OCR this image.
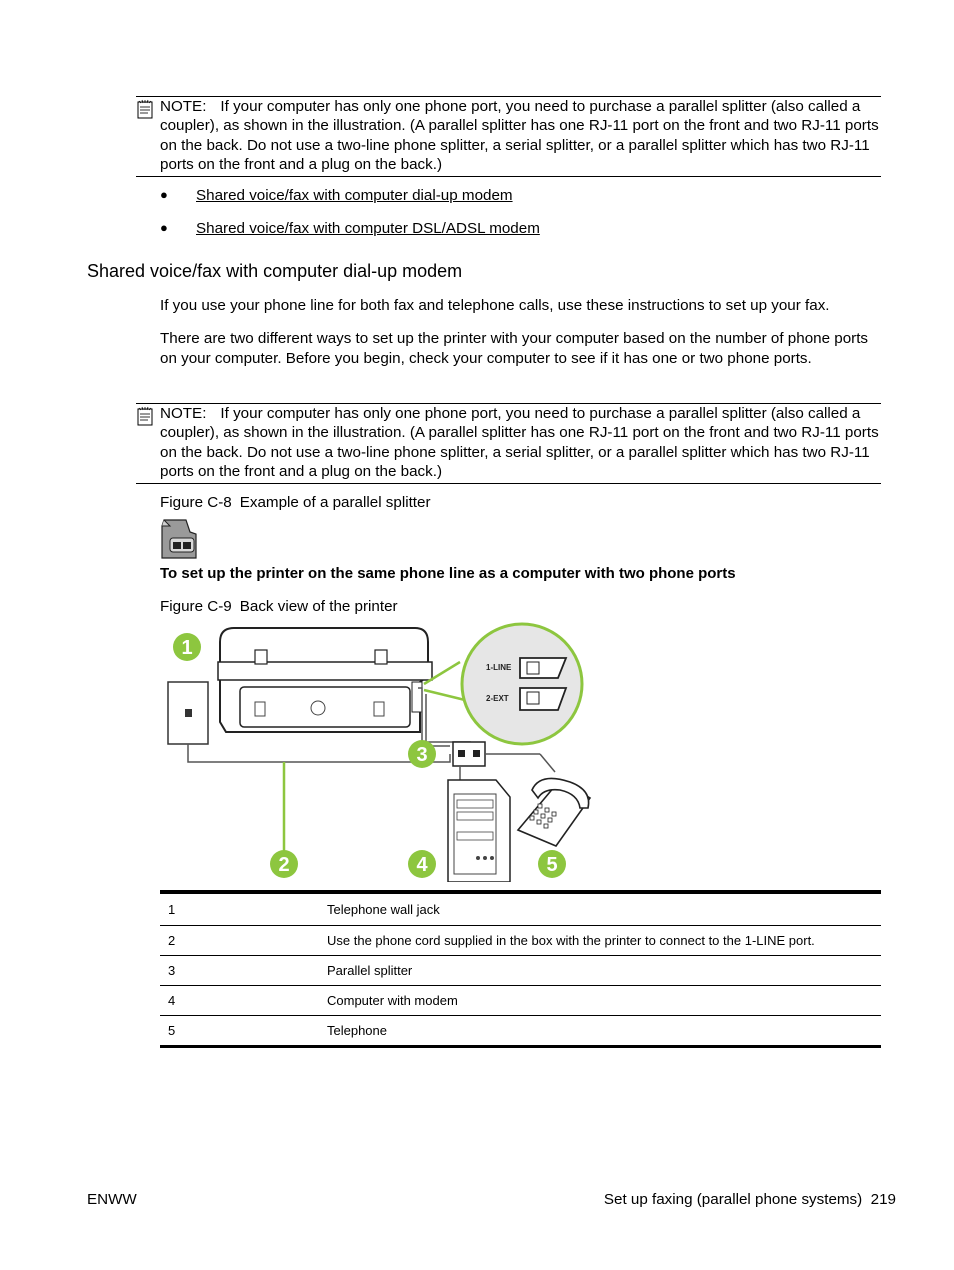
NOTE: If your computer has only one phone port, you need to purchase a parallel splitter (also called a coupler), as shown in the illustration. (A parallel splitter has one RJ-11 port on the front and two RJ-11 ports on the back. Do not use a two-line phone splitter, a serial splitter, or a parallel splitter which has two RJ-11 ports on the front and a plug on the back.)
● Shared voice/fax with computer dial-up modem
● Shared voice/fax with computer DSL/ADSL modem
Shared voice/fax with computer dial-up modem

If you use your phone line for both fax and telephone calls, use these instructions to set up your fax.

There are two different ways to set up the printer with your computer based on the number of phone ports on your computer. Before you begin, check your computer to see if it has one or two phone ports.

NOTE: If your computer has only one phone port, you need to purchase a parallel splitter (also called a coupler), as shown in the illustration. (A parallel splitter has one RJ-11 port on the front and two RJ-11 ports on the back. Do not use a two-line phone splitter, a serial splitter, or a parallel splitter which has two RJ-11 ports on the front and a plug on the back.)
Figure C-8 Example of a parallel splitter
To set up the printer on the same phone line as a computer with two phone ports
Figure C-9 Back view of the printer
1-LINE
2-EXT
1
2
3
4	5
1	Telephone wall jack
2	Use the phone cord supplied in the box with the printer to connect to the 1-LINE port.
3	Parallel splitter
4	Computer with modem
5	Telephone
ENWW	Set up faxing (parallel phone systems) 219
